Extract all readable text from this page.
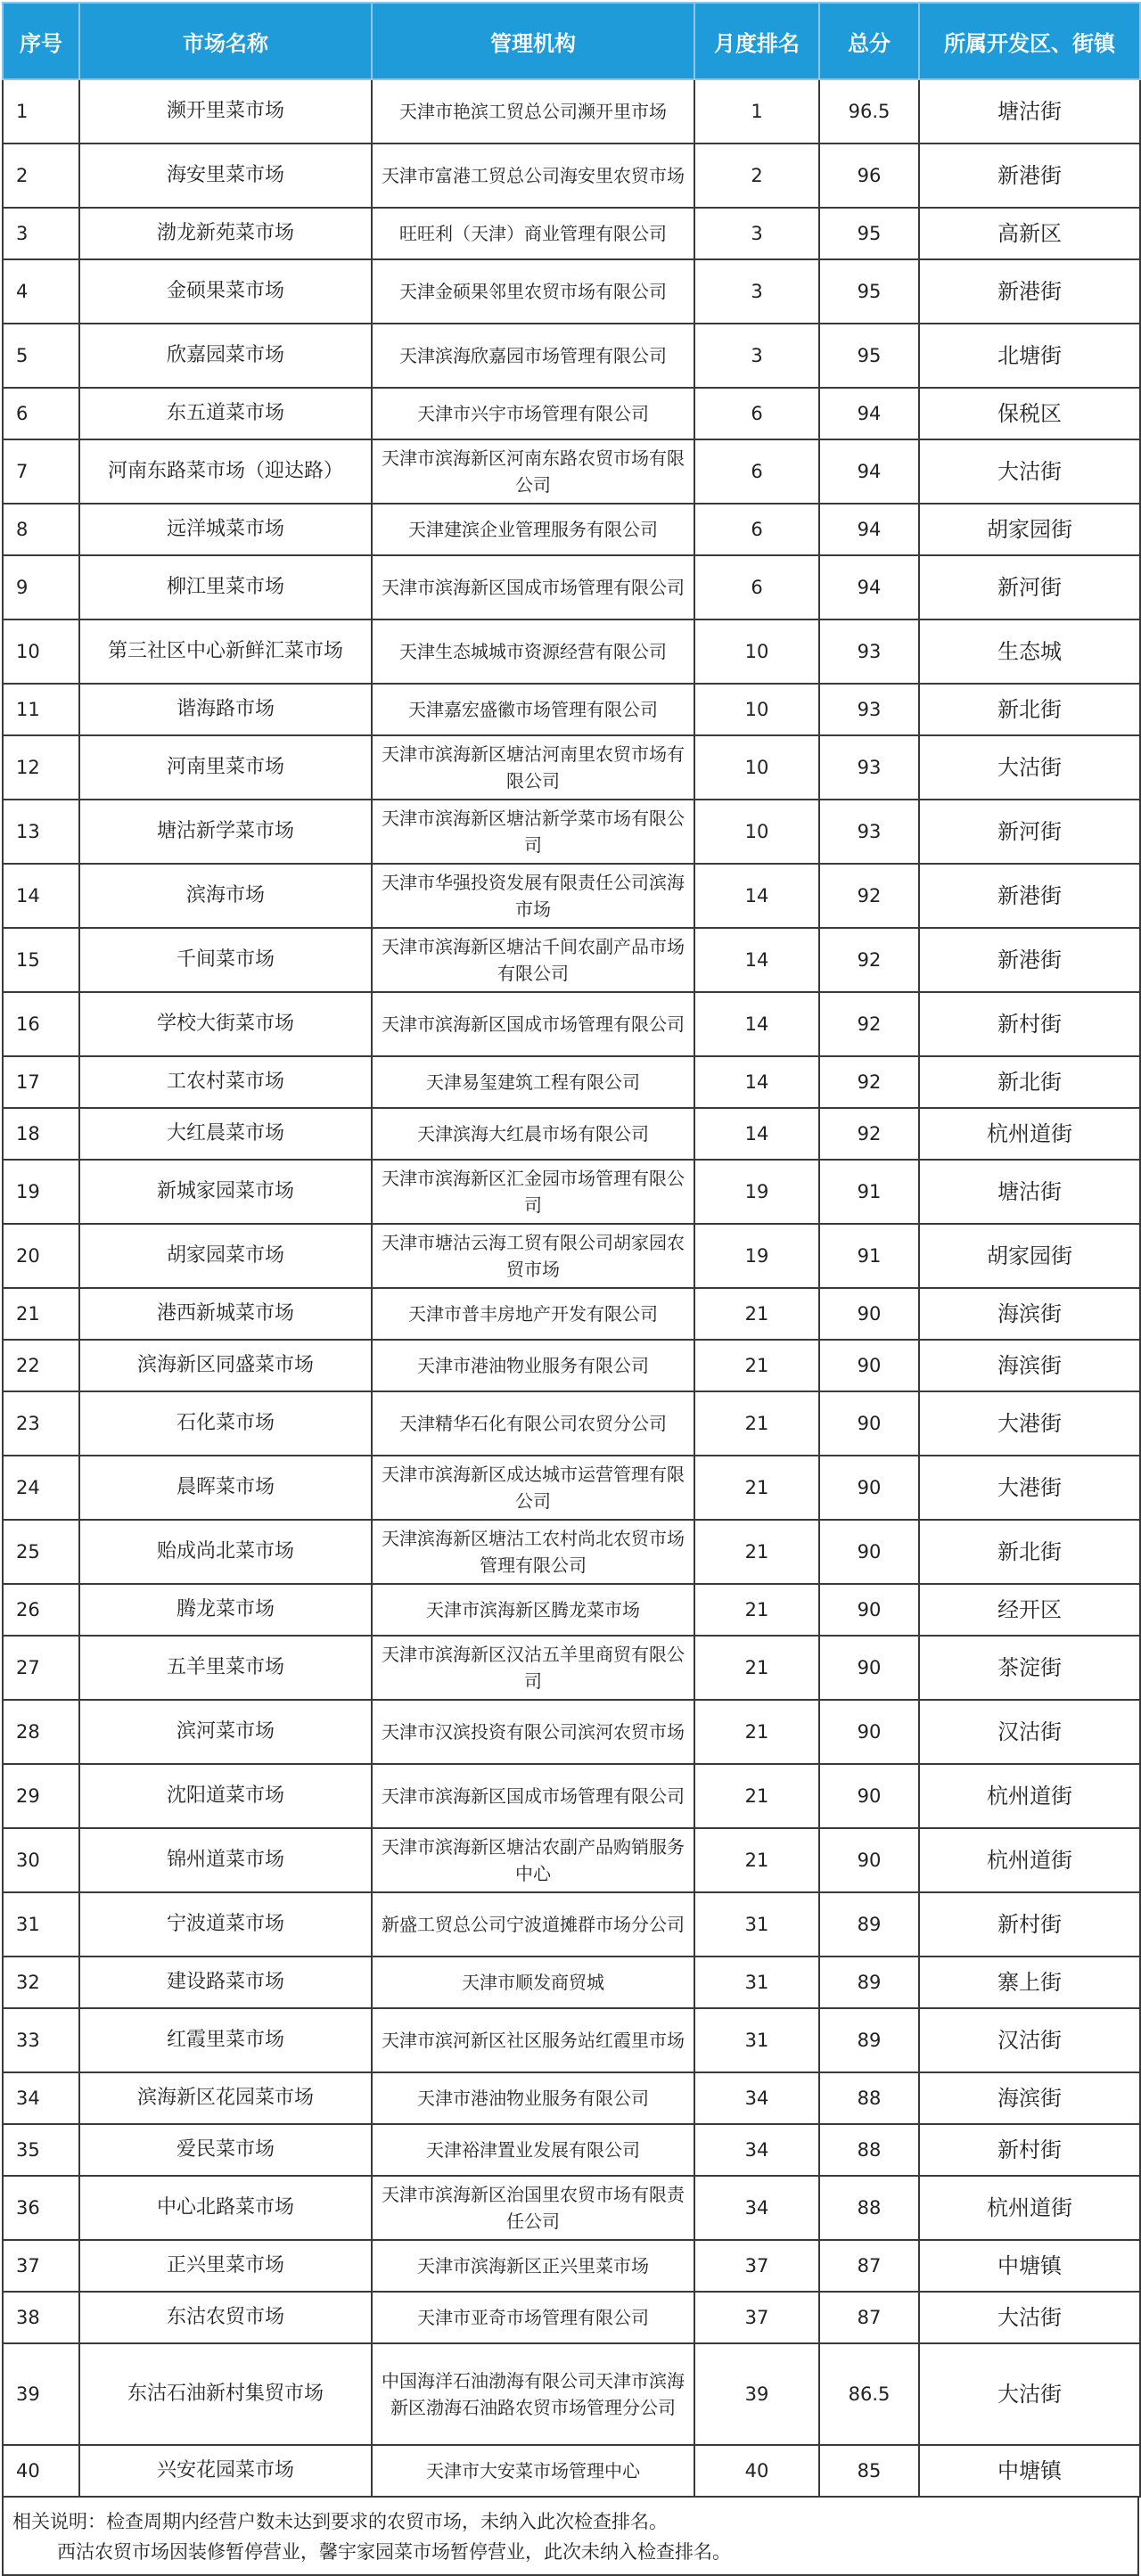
序号	市场名称	管理机构	月度排名	总分	所属开发区、街镇
1	濒开里菜市场	天津市艳滨工贸总公司濒开里市场	1	96.5	塘沽街
2	海安里菜市场	天津市富港工贸总公司海安里农贸市场	2	96	新港街
3	渤龙新苑菜市场	旺旺利（天津）商业管理有限公司	3	95	高新区
4	金硕果菜市场	天津金硕果邻里农贸市场有限公司	3	95	新港街
5	欣嘉园菜市场	天津滨海欣嘉园市场管理有限公司	3	95	北塘街
6	东五道菜市场	天津市兴宇市场管理有限公司	6	94	保税区
7	河南东路菜市场（迎达路）	天津市滨海新区河南东路农贸市场有限公司	6	94	大沽街
8	远洋城菜市场	天津建滨企业管理服务有限公司	6	94	胡家园街
9	柳江里菜市场	天津市滨海新区国成市场管理有限公司	6	94	新河街
10	第三社区中心新鲜汇菜市场	天津生态城城市资源经营有限公司	10	93	生态城
11	谐海路市场	天津嘉宏盛徽市场管理有限公司	10	93	新北街
12	河南里菜市场	天津市滨海新区塘沽河南里农贸市场有限公司	10	93	大沽街
13	塘沽新学菜市场	天津市滨海新区塘沽新学菜市场有限公司	10	93	新河街
14	滨海市场	天津市华强投资发展有限责任公司滨海市场	14	92	新港街
15	千间菜市场	天津市滨海新区塘沽千间农副产品市场有限公司	14	92	新港街
16	学校大街菜市场	天津市滨海新区国成市场管理有限公司	14	92	新村街
17	工农村菜市场	天津易玺建筑工程有限公司	14	92	新北街
18	大红晨菜市场	天津滨海大红晨市场有限公司	14	92	杭州道街
19	新城家园菜市场	天津市滨海新区汇金园市场管理有限公司	19	91	塘沽街
20	胡家园菜市场	天津市塘沽云海工贸有限公司胡家园农贸市场	19	91	胡家园街
21	港西新城菜市场	天津市普丰房地产开发有限公司	21	90	海滨街
22	滨海新区同盛菜市场	天津市港油物业服务有限公司	21	90	海滨街
23	石化菜市场	天津精华石化有限公司农贸分公司	21	90	大港街
24	晨晖菜市场	天津市滨海新区成达城市运营管理有限公司	21	90	大港街
25	贻成尚北菜市场	天津滨海新区塘沽工农村尚北农贸市场管理有限公司	21	90	新北街
26	腾龙菜市场	天津市滨海新区腾龙菜市场	21	90	经开区
27	五羊里菜市场	天津市滨海新区汉沽五羊里商贸有限公司	21	90	茶淀街
28	滨河菜市场	天津市汉滨投资有限公司滨河农贸市场	21	90	汉沽街
29	沈阳道菜市场	天津市滨海新区国成市场管理有限公司	21	90	杭州道街
30	锦州道菜市场	天津市滨海新区塘沽农副产品购销服务中心	21	90	杭州道街
31	宁波道菜市场	新盛工贸总公司宁波道摊群市场分公司	31	89	新村街
32	建设路菜市场	天津市顺发商贸城	31	89	寨上街
33	红霞里菜市场	天津市滨河新区社区服务站红霞里市场	31	89	汉沽街
34	滨海新区花园菜市场	天津市港油物业服务有限公司	34	88	海滨街
35	爱民菜市场	天津裕津置业发展有限公司	34	88	新村街
36	中心北路菜市场	天津市滨海新区治国里农贸市场有限责任公司	34	88	杭州道街
37	正兴里菜市场	天津市滨海新区正兴里菜市场	37	87	中塘镇
38	东沽农贸市场	天津市亚奇市场管理有限公司	37	87	大沽街
39	东沽石油新村集贸市场	中国海洋石油渤海有限公司天津市滨海新区渤海石油路农贸市场管理分公司	39	86.5	大沽街
40	兴安花园菜市场	天津市大安菜市场管理中心	40	85	中塘镇
相关说明：检查周期内经营户数未达到要求的农贸市场，未纳入此次检查排名。
西沽农贸市场因装修暂停营业，馨宇家园菜市场暂停营业，此次未纳入检查排名。
